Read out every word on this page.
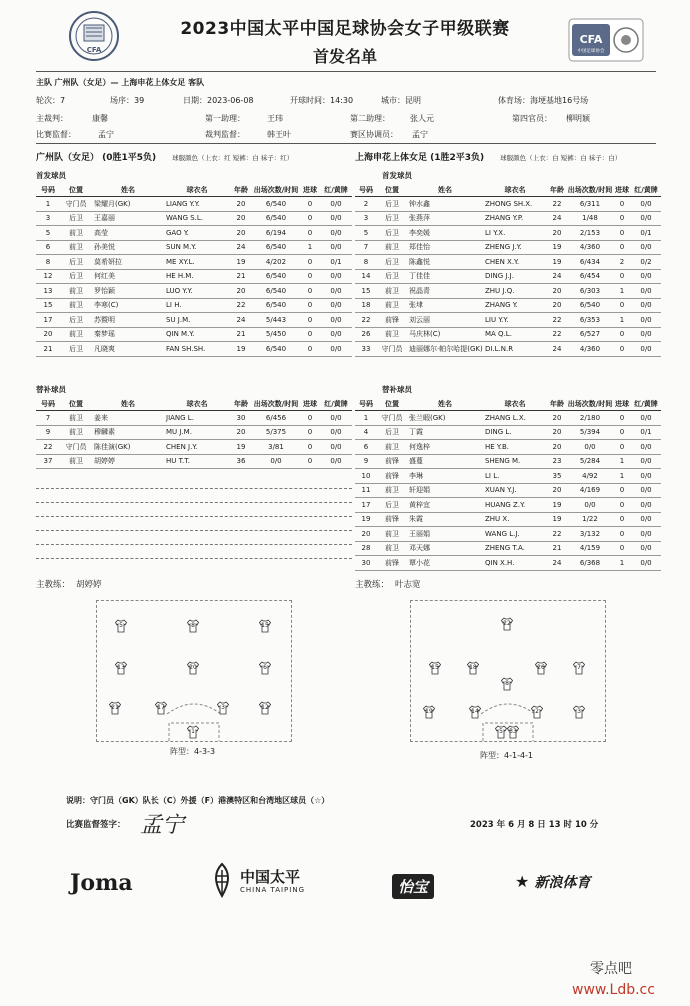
CFA
2023中国太平中国足球协会女子甲级联赛
首发名单
CFA
中国足球协会
主队 广州队（女足）— 上海申花上体女足 客队
轮次：7	场序：39	日期：2023-06-08	开球时间：14:30	城市：昆明	体育场：海埂基地16号场
主裁判：	康馨	第一助理：	王玮	第二助理：	张人元	第四官员： 柳明颖
比赛监督：	孟宁	裁判监督：	韩王叶	赛区协调员： 孟宁
广州队（女足） (0胜1平5负) 球服颜色（上衣：红 短裤：白 袜子：红）	上海申花上体女足 (1胜2平3负) 球服颜色（上衣：白 短裤：白 袜子：白）
首发球员
号码	位置	姓名	球衣名	年龄	出场次数/时间	进球	红/黄牌
1	守门员	梁耀月(GK)	LIANG Y.Y.	20	6/540	0	0/0
3	后卫	王嘉丽	WANG S.L.	20	6/540	0	0/0
5	前卫	高莹	GAO Y.	20	6/194	0	0/0
6	前卫	孙美悦	SUN M.Y.	24	6/540	1	0/0
8	后卫	莫希妍拉	ME XY.L.	19	4/202	0	0/1
12	后卫	何红美	HE H.M.	21	6/540	0	0/0
13	前卫	罗怡颖	LUO Y.Y.	20	6/540	0	0/0
15	前卫	李寒(C)	LI H.	22	6/540	0	0/0
17	后卫	苏暨明	SU J.M.	24	5/443	0	0/0
20	前卫	秦梦瑶	QIN M.Y.	21	5/450	0	0/0
21	后卫	凡晓爽	FAN SH.SH.	19	6/540	0	0/0
首发球员
号码	位置	姓名	球衣名	年龄	出场次数/时间	进球	红/黄牌
2	后卫	钟水鑫	ZHONG SH.X.	22	6/311	0	0/0
3	后卫	张燕萍	ZHANG Y.P.	24	1/48	0	0/0
5	后卫	李奕媛	LI Y.X.	20	2/153	0	0/1
7	前卫	郑佳怡	ZHENG J.Y.	19	4/360	0	0/0
8	后卫	陈鑫悦	CHEN X.Y.	19	6/434	2	0/2
14	后卫	丁佳佳	DING J.J.	24	6/454	0	0/0
15	前卫	祝晶青	ZHU J.Q.	20	6/303	1	0/0
18	前卫	张垏	ZHANG Y.	20	6/540	0	0/0
22	前锋	刘云丽	LIU Y.Y.	22	6/353	1	0/0
26	前卫	马庆林(C)	MA Q.L.	22	6/527	0	0/0
33	守门员	迪丽娜尔·帕尔哈提(GK)	DI.L.N.R	24	4/360	0	0/0
替补球员
号码	位置	姓名	球衣名	年龄	出场次数/时间	进球	红/黄牌
7	前卫	姜来	JIANG L.	30	6/456	0	0/0
9	前卫	穆麟素	MU J.M.	20	5/375	0	0/0
22	守门员	陈佳演(GK)	CHEN J.Y.	19	3/81	0	0/0
37	前卫	胡婷婷	HU T.T.	36	0/0	0	0/0
替补球员
号码	位置	姓名	球衣名	年龄	出场次数/时间	进球	红/黄牌
1	守门员	张兰暇(GK)	ZHANG L.X.	20	2/180	0	0/0
4	后卫	丁霞	DING L.	20	5/394	0	0/1
6	前卫	何逸梓	HE Y.B.	20	0/0	0	0/0
9	前锋	盛蔓	SHENG M.	23	5/284	1	0/0
10	前锋	李琳	LI L.	35	4/92	1	0/0
11	前卫	轩迎娟	XUAN Y.J.	20	4/169	0	0/0
17	后卫	黄梓宜	HUANG Z.Y.	19	0/0	0	0/0
19	前锋	朱霞	ZHU X.	19	1/22	0	0/0
20	前卫	王丽娟	WANG L.J.	22	3/132	0	0/0
28	前卫	邓天娜	ZHENG T.A.	21	4/159	0	0/0
30	前锋	覃小花	QIN X.H.	24	6/368	1	0/0
主教练： 胡婷婷	主教练： 叶志宽
5	8	15
13	20	6
21	17	3	12
1
22
15	18	26	7
8
19	14	2	3
5	33
阵型：4-3-3	阵型：4-1-4-1
说明：守门员（GK）队长（C）外援（F）港澳特区和台湾地区球员（☆）
比赛监督签字： 孟宁	2023 年 6 月 8 日 13 时 10 分
Joma	中国太平
CHINA TAIPING	怡宝	★ 新浪体育
零点吧
www.Ldb.cc
